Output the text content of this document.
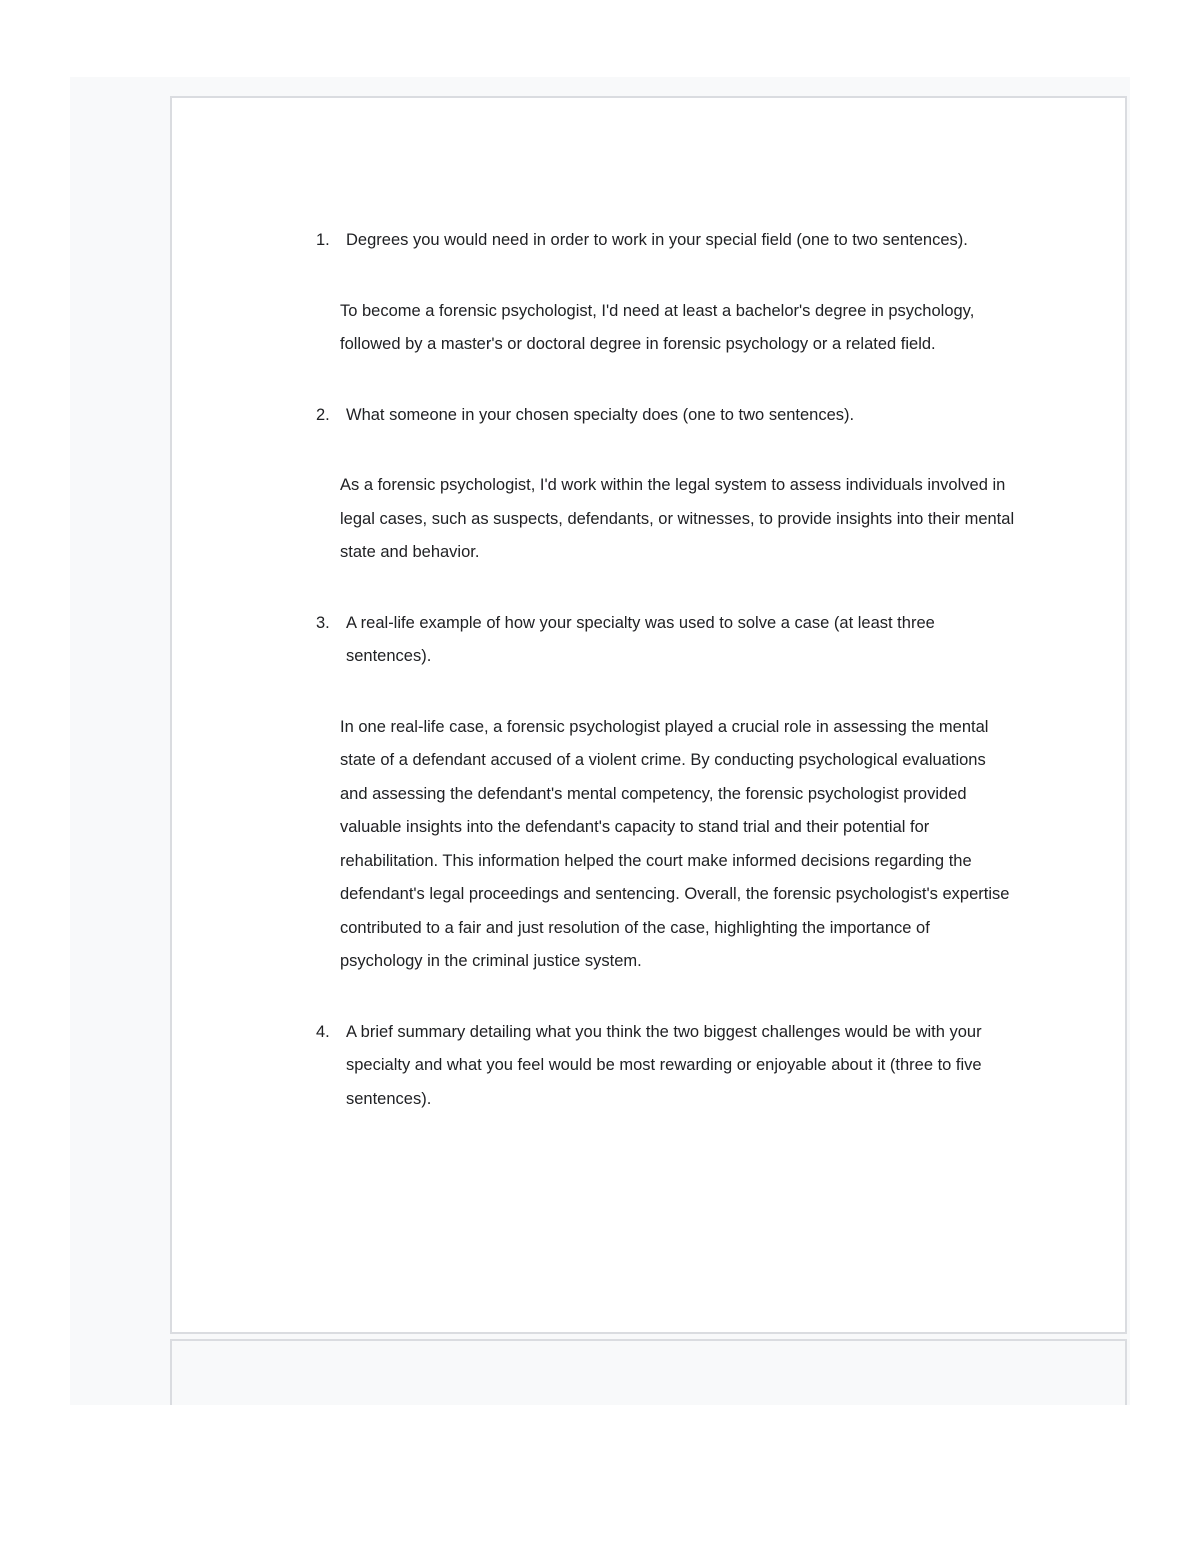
1. Degrees you would need in order to work in your special field (one to two sentences).

To become a forensic psychologist, I'd need at least a bachelor's degree in psychology, followed by a master's or doctoral degree in forensic psychology or a related field.

2. What someone in your chosen specialty does (one to two sentences).

As a forensic psychologist, I'd work within the legal system to assess individuals involved in legal cases, such as suspects, defendants, or witnesses, to provide insights into their mental state and behavior.

3. A real-life example of how your specialty was used to solve a case (at least three sentences).

In one real-life case, a forensic psychologist played a crucial role in assessing the mental state of a defendant accused of a violent crime. By conducting psychological evaluations and assessing the defendant's mental competency, the forensic psychologist provided valuable insights into the defendant's capacity to stand trial and their potential for rehabilitation. This information helped the court make informed decisions regarding the defendant's legal proceedings and sentencing. Overall, the forensic psychologist's expertise contributed to a fair and just resolution of the case, highlighting the importance of psychology in the criminal justice system.

4. A brief summary detailing what you think the two biggest challenges would be with your specialty and what you feel would be most rewarding or enjoyable about it (three to five sentences).
